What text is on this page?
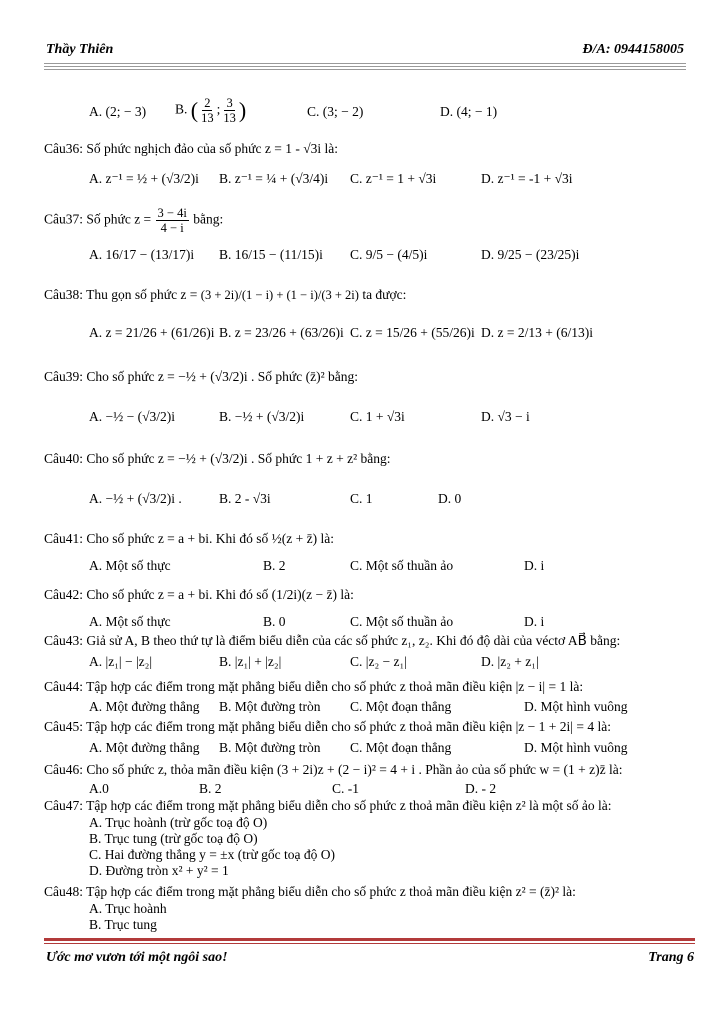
Thầy Thiên	Đ/A: 0944158005
A. (2; − 3) B. ( $\frac{2}{13}$ ; $\frac{3}{13}$ )	C. (3; − 2)	D. (4; − 1)
Câu36: Số phức nghịch đảo của số phức z = 1 - √3i là:
A. z⁻¹ = ½ + (√3/2)i B. z⁻¹ = ¼ + (√3/4)i C. z⁻¹ = 1 + √3i	D. z⁻¹ = -1 + √3i
Câu37: Số phức $z = \frac{3 - 4i}{4 - i}$ bằng:
A. 16/17 − (13/17)i B. 16/15 − (11/15)i C. 9/5 − (4/5)i	D. 9/25 − (23/25)i
Câu38: Thu gọn số phức z = (3 + 2i)/(1 − i) + (1 − i)/(3 + 2i) ta được:
A. z = 21/26 + (61/26)i B. z = 23/26 + (63/26)i C. z = 15/26 + (55/26)i D. z = 2/13 + (6/13)i
Câu39: Cho số phức z = −½ + (√3/2)i . Số phức (z̄)² bằng:
A. −½ − (√3/2)i	B. −½ + (√3/2)i	C. 1 + √3i	D. √3 − i
Câu40: Cho số phức z = −½ + (√3/2)i . Số phức 1 + z + z² bằng:
A. −½ + (√3/2)i .	B. 2 - √3i	C. 1	D. 0
Câu41: Cho số phức z = a + bi. Khi đó số ½(z + z̄) là:
A. Một số thực	B. 2	C. Một số thuần ảo	D. i
Câu42: Cho số phức z = a + bi. Khi đó số (1/2i)(z − z̄) là:
A. Một số thực	B. 0	C. Một số thuần ảo	D. i
Câu43: Giả sử A, B theo thứ tự là điểm biểu diễn của các số phức z₁, z₂. Khi đó độ dài của véctơ AB⃗ bằng:
A. |z₁| − |z₂|	B. |z₁| + |z₂|	C. |z₂ − z₁|	D. |z₂ + z₁|
Câu44: Tập hợp các điểm trong mặt phẳng biểu diễn cho số phức z thoả mãn điều kiện |z − i| = 1 là:
A. Một đường thẳng B. Một đường tròn C. Một đoạn thẳng	D. Một hình vuông
Câu45: Tập hợp các điểm trong mặt phẳng biểu diễn cho số phức z thoả mãn điều kiện |z − 1 + 2i| = 4 là:
A. Một đường thẳng B. Một đường tròn C. Một đoạn thẳng	D. Một hình vuông
Câu46: Cho số phức z, thỏa mãn điều kiện (3 + 2i)z + (2 − i)² = 4 + i . Phần ảo của số phức w = (1 + z)z̄ là:
A.0	B. 2	C. -1	D. - 2
Câu47: Tập hợp các điểm trong mặt phẳng biểu diễn cho số phức z thoả mãn điều kiện z² là một số ảo là:
A. Trục hoành (trừ gốc toạ độ O)
B. Trục tung (trừ gốc toạ độ O)
C. Hai đường thẳng y = ±x (trừ gốc toạ độ O)
D. Đường tròn x² + y² = 1
Câu48: Tập hợp các điểm trong mặt phẳng biểu diễn cho số phức z thoả mãn điều kiện z² = (z̄)² là:
A. Trục hoành
B. Trục tung
Ước mơ vươn tới một ngôi sao!	Trang 6
